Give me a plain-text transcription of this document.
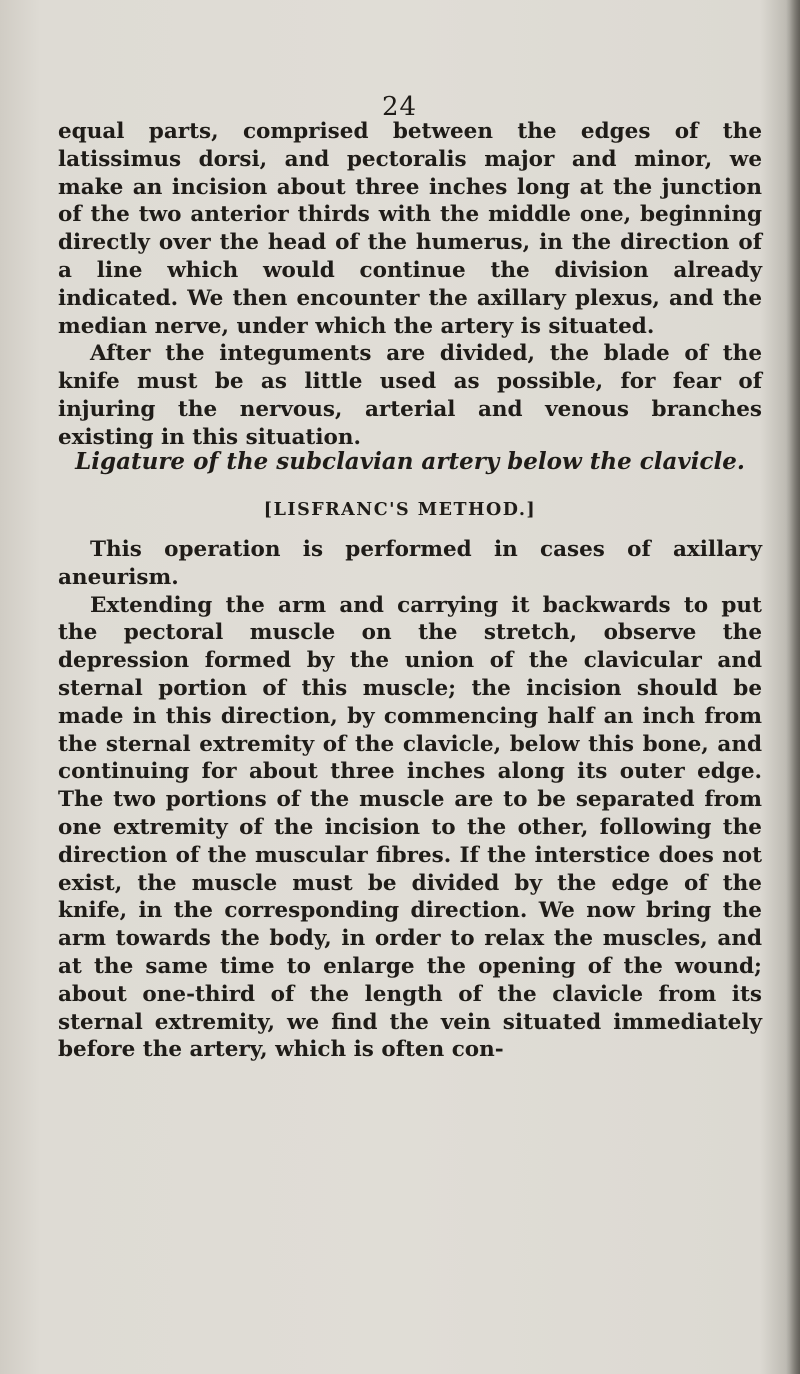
24

equal parts, comprised between the edges of the latissimus dorsi, and pectoralis major and minor, we make an incision about three inches long at the junction of the two anterior thirds with the middle one, beginning directly over the head of the humerus, in the direction of a line which would continue the division already indicated. We then encounter the axillary plexus, and the median nerve, under which the artery is situated.

After the integuments are divided, the blade of the knife must be as little used as possible, for fear of injuring the nervous, arterial and venous branches existing in this situation.

Ligature of the subclavian artery below the clavicle.
[LISFRANC'S METHOD.]

This operation is performed in cases of axillary aneurism.

Extending the arm and carrying it backwards to put the pectoral muscle on the stretch, observe the depression formed by the union of the clavicular and sternal portion of this muscle; the incision should be made in this direction, by commencing half an inch from the sternal extremity of the clavicle, below this bone, and continuing for about three inches along its outer edge. The two portions of the muscle are to be separated from one extremity of the incision to the other, following the direction of the muscular fibres. If the interstice does not exist, the muscle must be divided by the edge of the knife, in the corresponding direction. We now bring the arm towards the body, in order to relax the muscles, and at the same time to enlarge the opening of the wound; about one-third of the length of the clavicle from its sternal extremity, we find the vein situated immediately before the artery, which is often con-
